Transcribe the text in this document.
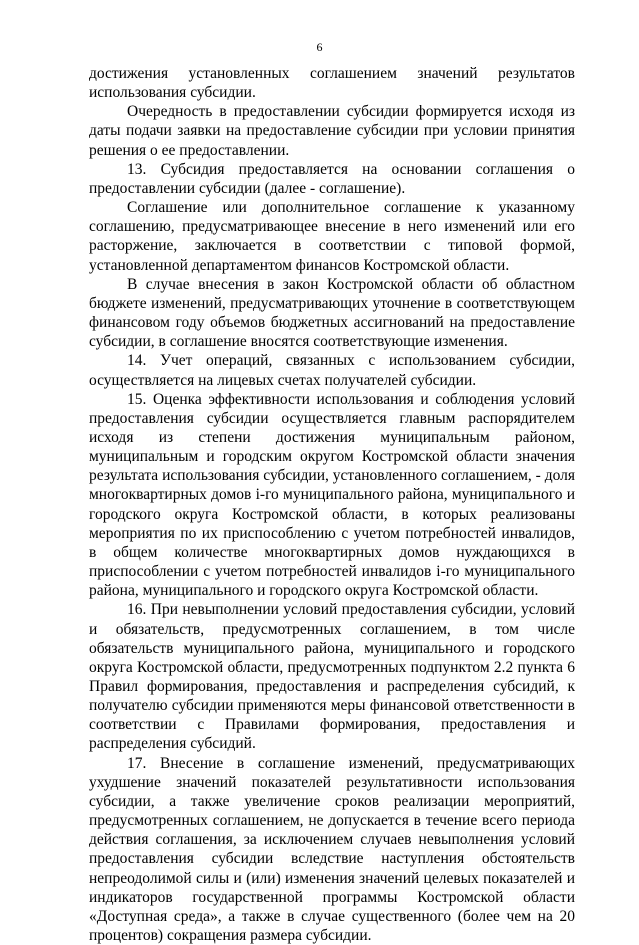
6

достижения установленных соглашением значений результатов использования субсидии.

Очередность в предоставлении субсидии формируется исходя из даты подачи заявки на предоставление субсидии при условии принятия решения о ее предоставлении.

13. Субсидия предоставляется на основании соглашения о предоставлении субсидии (далее - соглашение).

Соглашение или дополнительное соглашение к указанному соглашению, предусматривающее внесение в него изменений или его расторжение, заключается в соответствии с типовой формой, установленной департаментом финансов Костромской области.

В случае внесения в закон Костромской области об областном бюджете изменений, предусматривающих уточнение в соответствующем финансовом году объемов бюджетных ассигнований на предоставление субсидии, в соглашение вносятся соответствующие изменения.

14. Учет операций, связанных с использованием субсидии, осуществляется на лицевых счетах получателей субсидии.

15. Оценка эффективности использования и соблюдения условий предоставления субсидии осуществляется главным распорядителем исходя из степени достижения муниципальным районом, муниципальным и городским округом Костромской области значения результата использования субсидии, установленного соглашением, - доля многоквартирных домов i-го муниципального района, муниципального и городского округа Костромской области, в которых реализованы мероприятия по их приспособлению с учетом потребностей инвалидов, в общем количестве многоквартирных домов нуждающихся в приспособлении с учетом потребностей инвалидов i-го муниципального района, муниципального и городского округа Костромской области.

16. При невыполнении условий предоставления субсидии, условий и обязательств, предусмотренных соглашением, в том числе обязательств муниципального района, муниципального и городского округа Костромской области, предусмотренных подпунктом 2.2 пункта 6 Правил формирования, предоставления и распределения субсидий, к получателю субсидии применяются меры финансовой ответственности в соответствии с Правилами формирования, предоставления и распределения субсидий.

17. Внесение в соглашение изменений, предусматривающих ухудшение значений показателей результативности использования субсидии, а также увеличение сроков реализации мероприятий, предусмотренных соглашением, не допускается в течение всего периода действия соглашения, за исключением случаев невыполнения условий предоставления субсидии вследствие наступления обстоятельств непреодолимой силы и (или) изменения значений целевых показателей и индикаторов государственной программы Костромской области «Доступная среда», а также в случае существенного (более чем на 20 процентов) сокращения размера субсидии.
